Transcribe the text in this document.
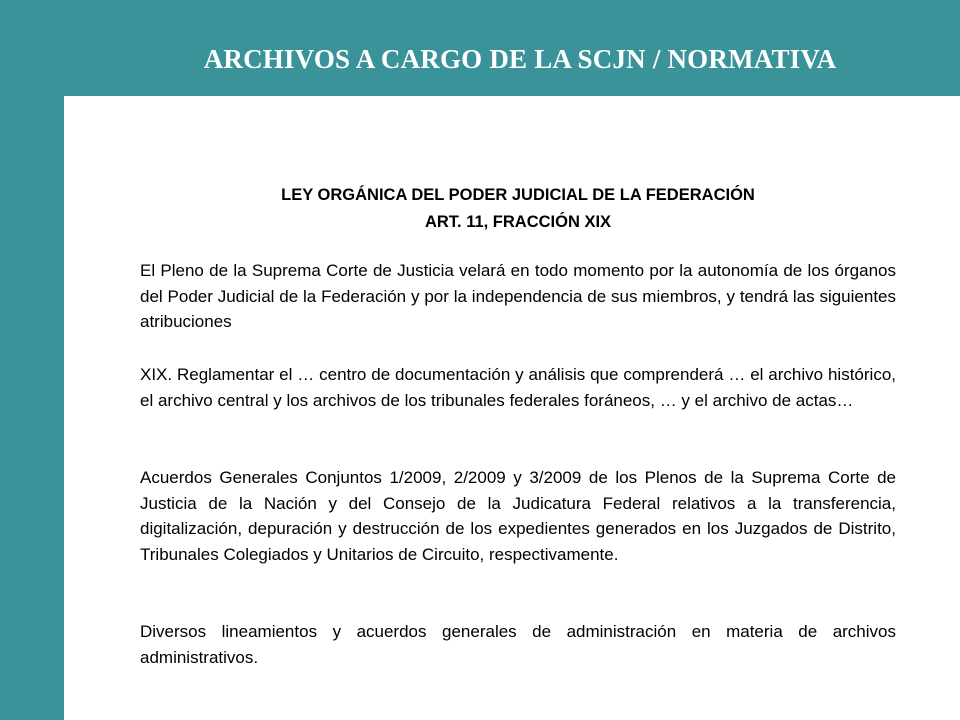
ARCHIVOS A CARGO DE LA SCJN / NORMATIVA

LEY ORGÁNICA DEL PODER JUDICIAL DE LA FEDERACIÓN

ART. 11, FRACCIÓN XIX

El Pleno de la Suprema Corte de Justicia velará en todo momento por la autonomía de los órganos del Poder Judicial de la Federación y por la independencia de sus miembros, y tendrá las siguientes atribuciones

XIX. Reglamentar el … centro de documentación y análisis que comprenderá … el archivo histórico, el archivo central y los archivos de los tribunales federales foráneos, … y el archivo de actas…

Acuerdos Generales Conjuntos 1/2009, 2/2009 y 3/2009 de los Plenos de la Suprema Corte de Justicia de la Nación y del Consejo de la Judicatura Federal relativos a la transferencia, digitalización, depuración y destrucción de los expedientes generados en los Juzgados de Distrito, Tribunales Colegiados y Unitarios de Circuito, respectivamente.

Diversos lineamientos y acuerdos generales de administración en materia de archivos administrativos.
